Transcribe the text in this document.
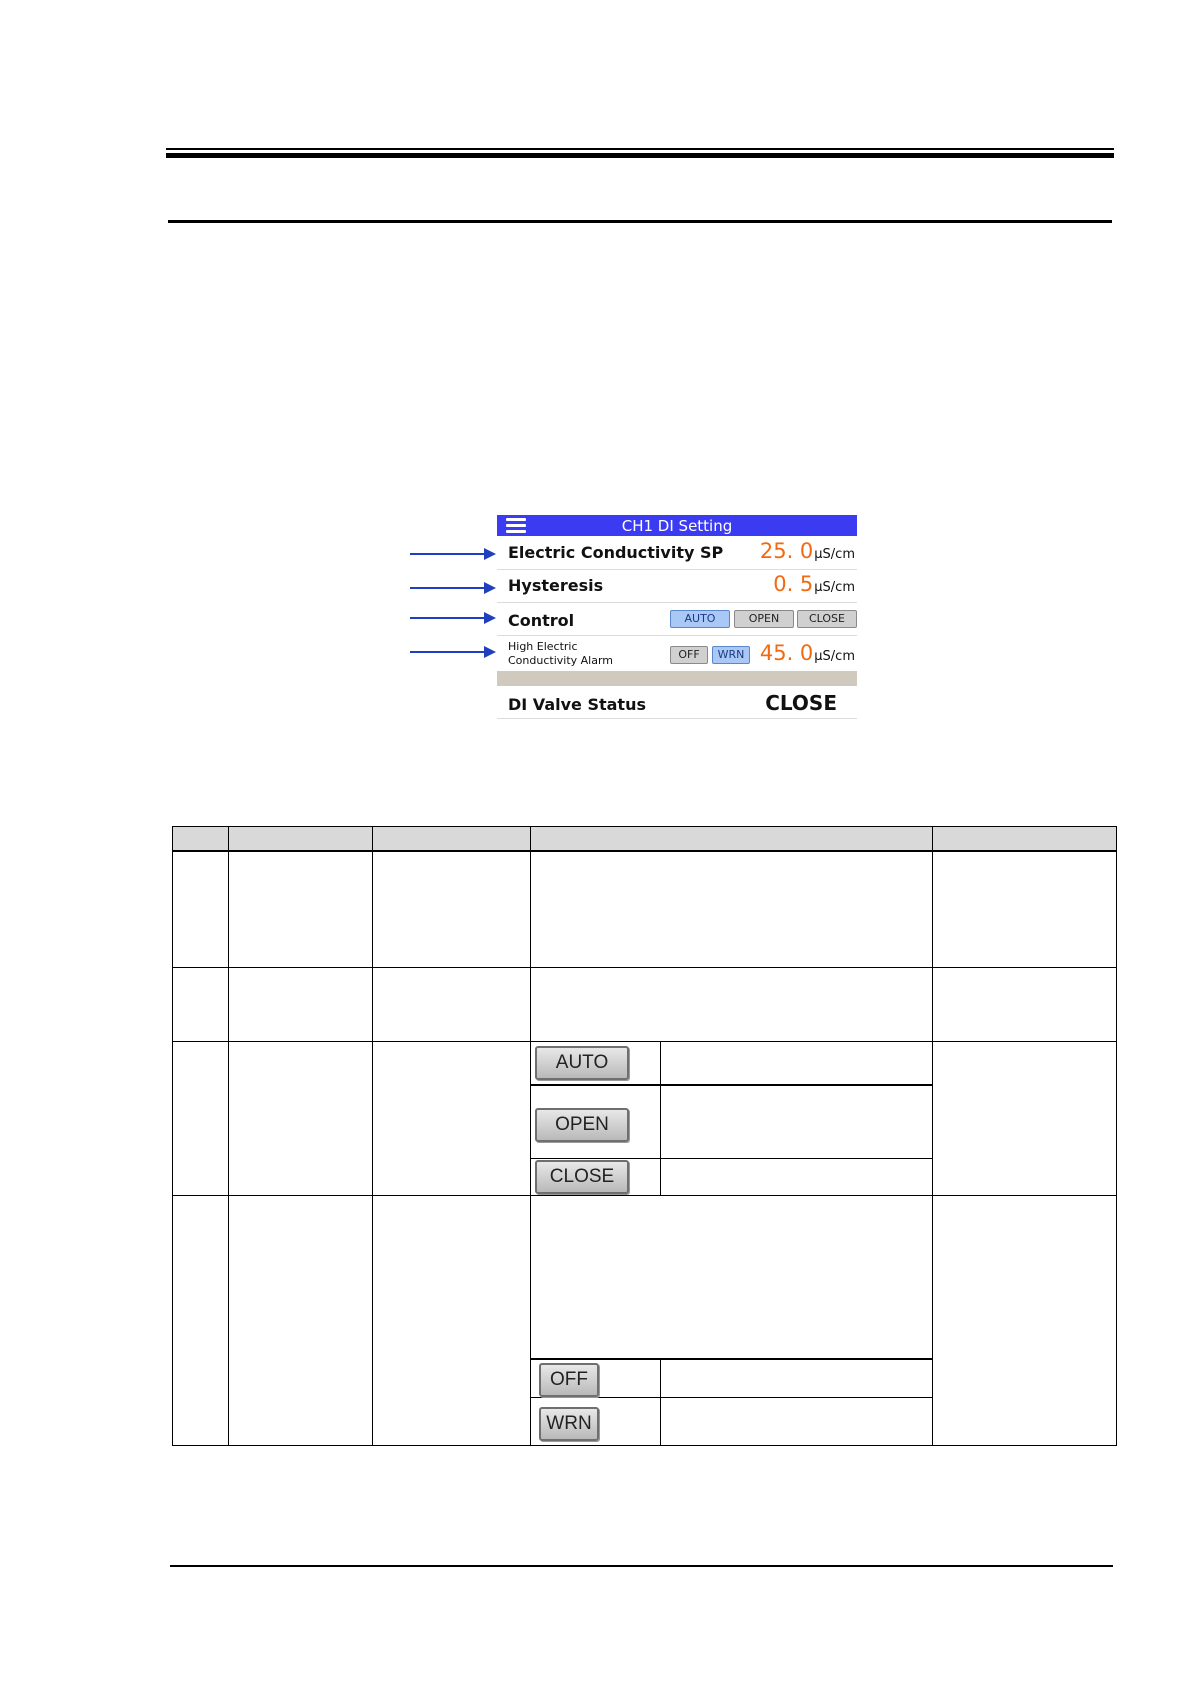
CH1 DI Setting
Electric Conductivity SP 25. 0µS/cm
Hysteresis	0. 5µS/cm
Control	AUTO	OPEN	CLOSE
High Electric
Conductivity Alarm	OFF	WRN 45. 0µS/cm
DI Valve Status	CLOSE
AUTO
OPEN
CLOSE
OFF
WRN
